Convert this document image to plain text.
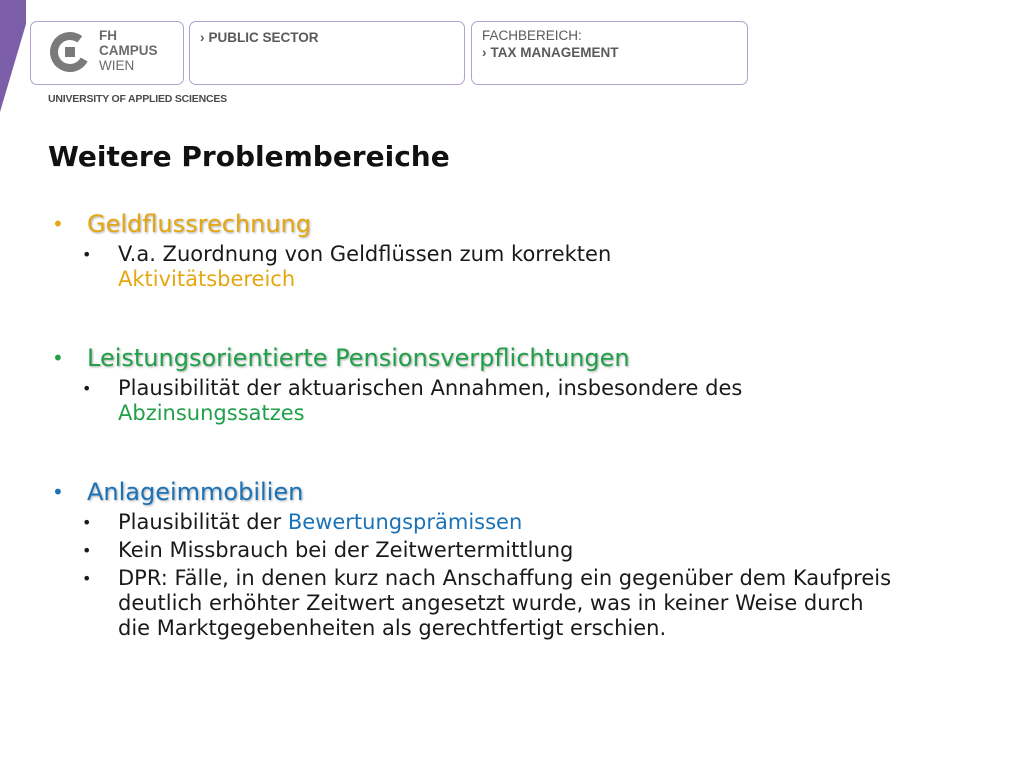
FH
CAMPUS
WIEN
› PUBLIC SECTOR	FACHBEREICH:
› TAX MANAGEMENT
UNIVERSITY OF APPLIED SCIENCES
Weitere Problembereiche
• Geldflussrechnung
• V.a. Zuordnung von Geldflüssen zum korrekten
Aktivitätsbereich
• Leistungsorientierte Pensionsverpflichtungen
• Plausibilität der aktuarischen Annahmen, insbesondere des
Abzinsungssatzes
• Anlageimmobilien
• Plausibilität der Bewertungsprämissen
• Kein Missbrauch bei der Zeitwertermittlung
• DPR: Fälle, in denen kurz nach Anschaffung ein gegenüber dem Kaufpreis deutlich erhöhter Zeitwert angesetzt wurde, was in keiner Weise durch die Marktgegebenheiten als gerechtfertigt erschien.
